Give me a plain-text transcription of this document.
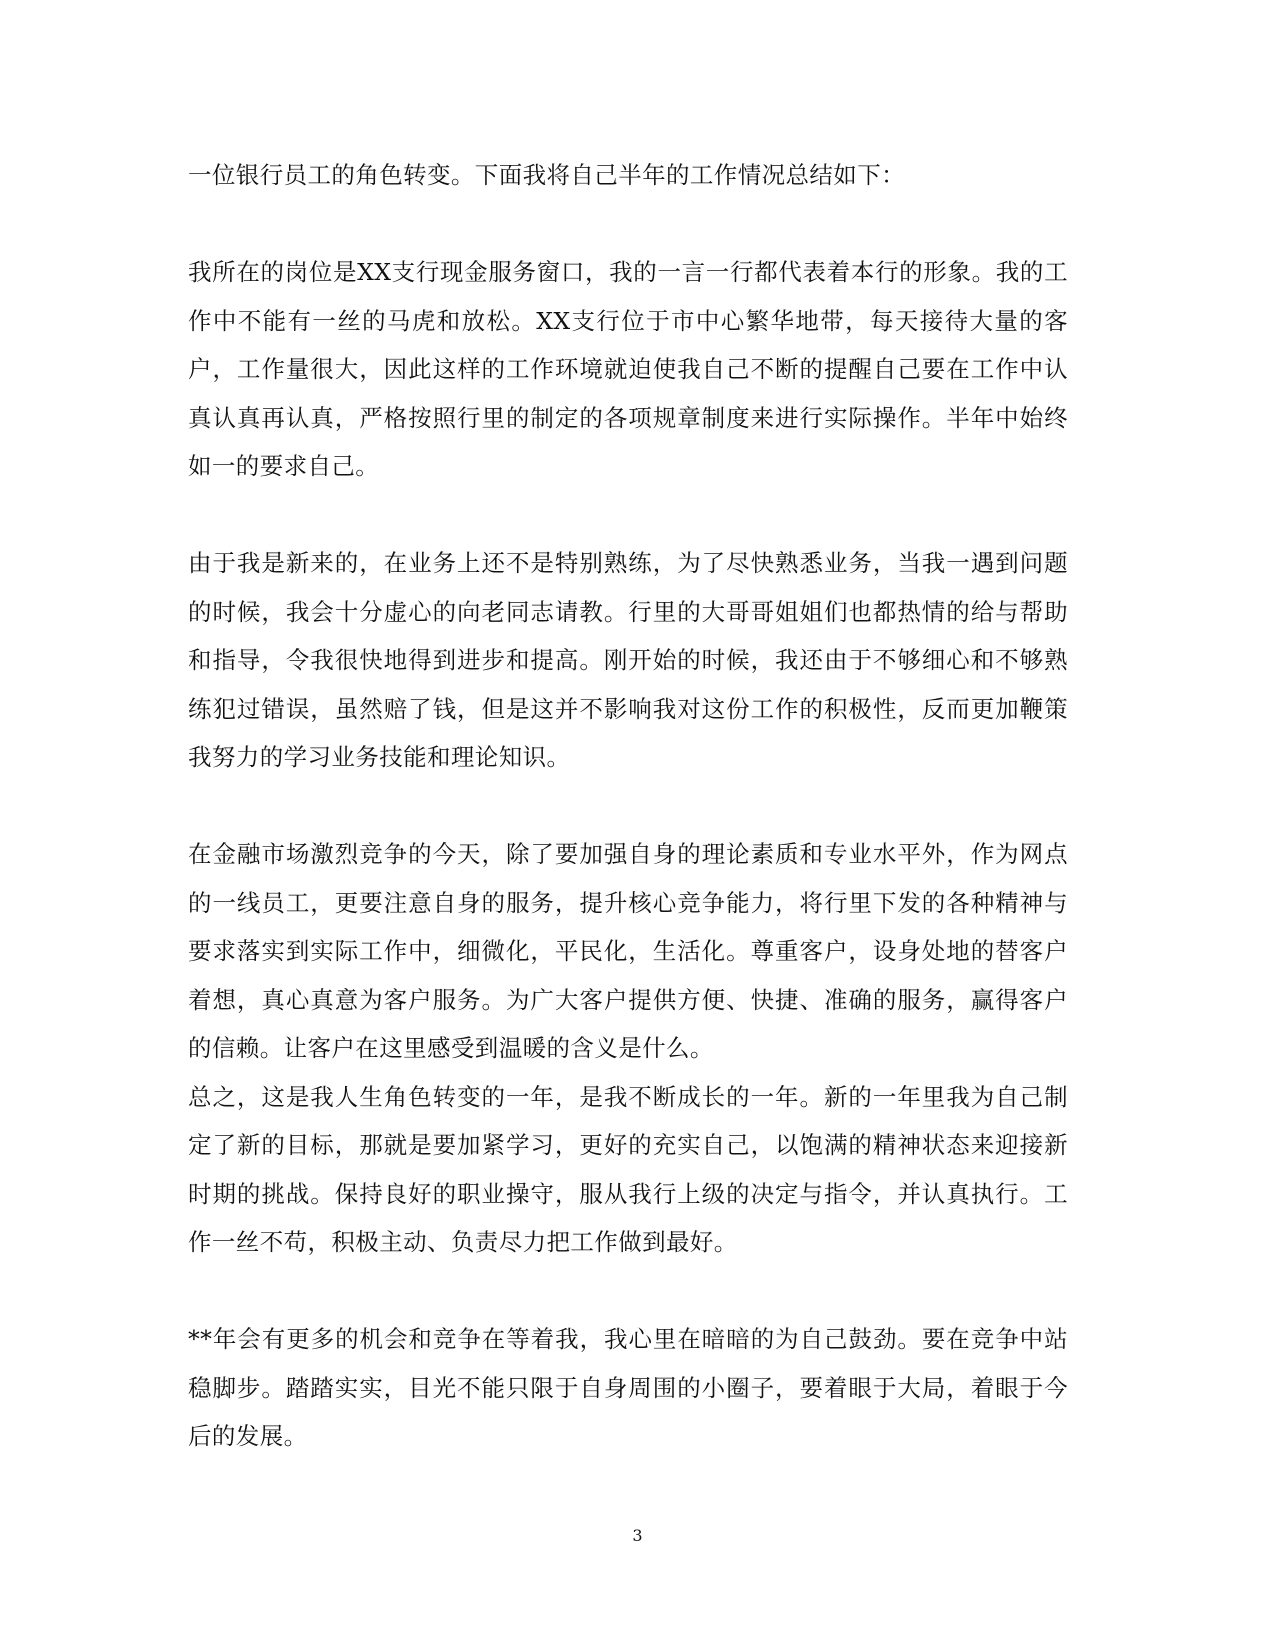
一位银行员工的角色转变。下面我将自己半年的工作情况总结如下：

我所在的岗位是XX支行现金服务窗口，我的一言一行都代表着本行的形象。我的工作中不能有一丝的马虎和放松。XX支行位于市中心繁华地带，每天接待大量的客户，工作量很大，因此这样的工作环境就迫使我自己不断的提醒自己要在工作中认真认真再认真，严格按照行里的制定的各项规章制度来进行实际操作。半年中始终如一的要求自己。

由于我是新来的，在业务上还不是特别熟练，为了尽快熟悉业务，当我一遇到问题的时候，我会十分虚心的向老同志请教。行里的大哥哥姐姐们也都热情的给与帮助和指导，令我很快地得到进步和提高。刚开始的时候，我还由于不够细心和不够熟练犯过错误，虽然赔了钱，但是这并不影响我对这份工作的积极性，反而更加鞭策我努力的学习业务技能和理论知识。

在金融市场激烈竞争的今天，除了要加强自身的理论素质和专业水平外，作为网点的一线员工，更要注意自身的服务，提升核心竞争能力，将行里下发的各种精神与要求落实到实际工作中，细微化，平民化，生活化。尊重客户，设身处地的替客户着想，真心真意为客户服务。为广大客户提供方便、快捷、准确的服务，赢得客户的信赖。让客户在这里感受到温暖的含义是什么。

总之，这是我人生角色转变的一年，是我不断成长的一年。新的一年里我为自己制定了新的目标，那就是要加紧学习，更好的充实自己，以饱满的精神状态来迎接新时期的挑战。保持良好的职业操守，服从我行上级的决定与指令，并认真执行。工作一丝不苟，积极主动、负责尽力把工作做到最好。

**年会有更多的机会和竞争在等着我，我心里在暗暗的为自己鼓劲。要在竞争中站稳脚步。踏踏实实，目光不能只限于自身周围的小圈子，要着眼于大局，着眼于今后的发展。

3
